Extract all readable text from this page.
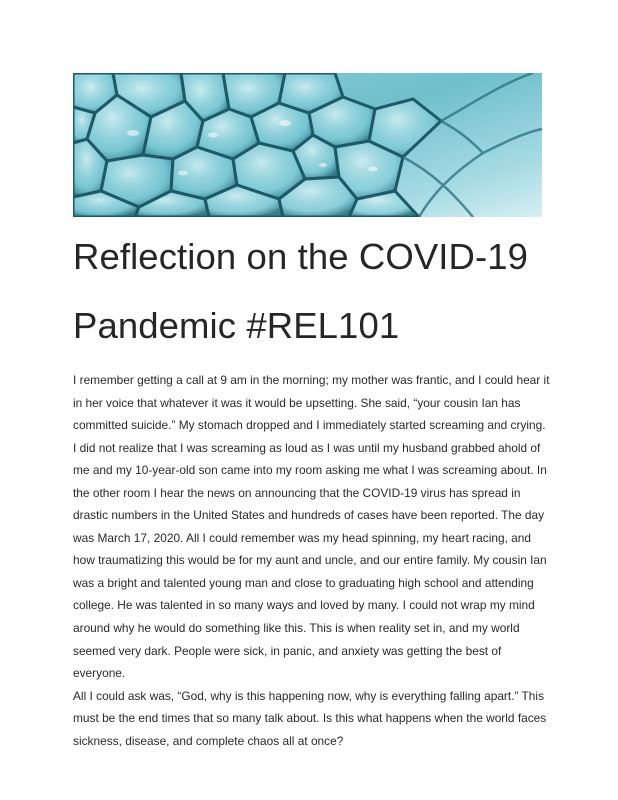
Reflection on the COVID-19 Pandemic #REL101

I remember getting a call at 9 am in the morning; my mother was frantic, and I could hear it
in her voice that whatever it was it would be upsetting. She said, “your cousin Ian has
committed suicide.” My stomach dropped and I immediately started screaming and crying.
I did not realize that I was screaming as loud as I was until my husband grabbed ahold of
me and my 10-year-old son came into my room asking me what I was screaming about. In
the other room I hear the news on announcing that the COVID-19 virus has spread in
drastic numbers in the United States and hundreds of cases have been reported. The day
was March 17, 2020. All I could remember was my head spinning, my heart racing, and
how traumatizing this would be for my aunt and uncle, and our entire family. My cousin Ian
was a bright and talented young man and close to graduating high school and attending
college. He was talented in so many ways and loved by many. I could not wrap my mind
around why he would do something like this. This is when reality set in, and my world
seemed very dark. People were sick, in panic, and anxiety was getting the best of everyone.
All I could ask was, “God, why is this happening now, why is everything falling apart.” This
must be the end times that so many talk about. Is this what happens when the world faces
sickness, disease, and complete chaos all at once?
